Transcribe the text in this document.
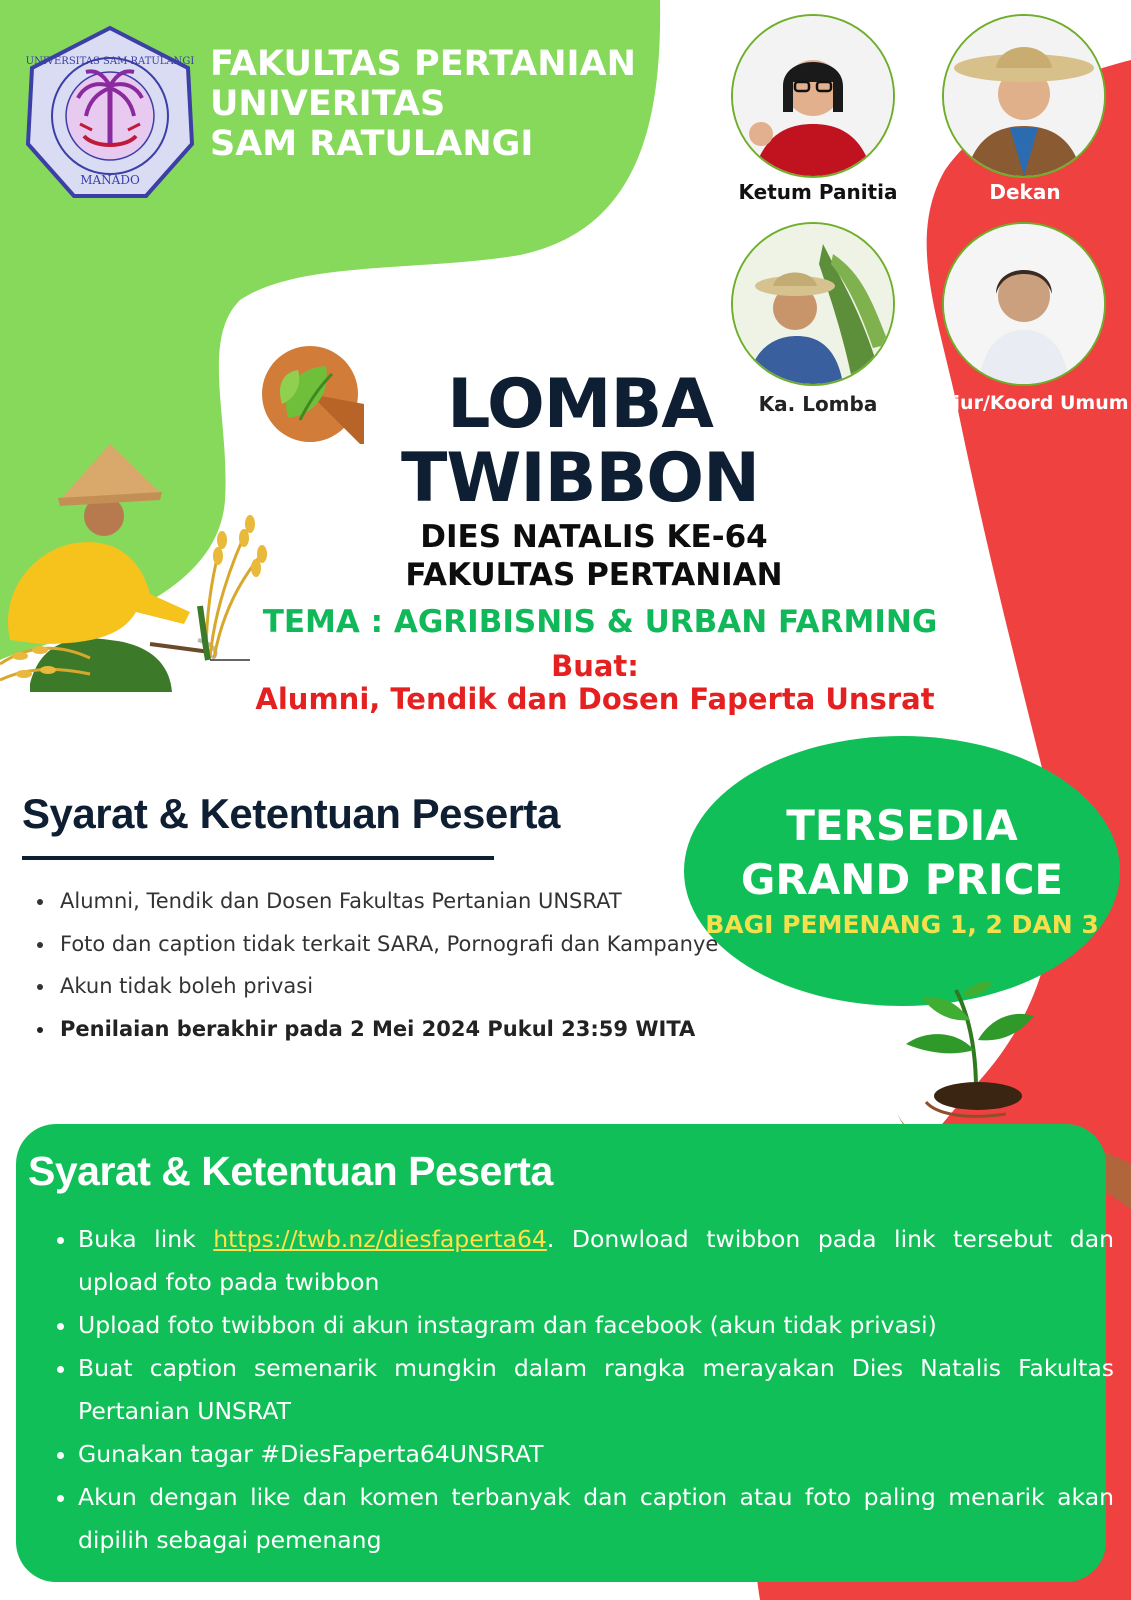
UNIVERSITAS SAM RATULANGI
MANADO
FAKULTAS PERTANIAN
UNIVERITAS
SAM RATULANGI
Ketum Panitia	Dekan
Ka. Lomba	Kajur/Koord Umum
LOMBA
TWIBBON
DIES NATALIS KE-64
FAKULTAS PERTANIAN
TEMA : AGRIBISNIS & URBAN FARMING
Buat:
Alumni, Tendik dan Dosen Faperta Unsrat
TERSEDIA
GRAND PRICE
BAGI PEMENANG 1, 2 DAN 3
Syarat & Ketentuan Peserta
• Alumni, Tendik dan Dosen Fakultas Pertanian UNSRAT
• Foto dan caption tidak terkait SARA, Pornografi dan Kampanye
• Akun tidak boleh privasi
• Penilaian berakhir pada 2 Mei 2024 Pukul 23:59 WITA
Syarat & Ketentuan Peserta
• Buka link https://twb.nz/diesfaperta64. Donwload twibbon pada link tersebut dan upload foto pada twibbon
• Upload foto twibbon di akun instagram dan facebook (akun tidak privasi)
• Buat caption semenarik mungkin dalam rangka merayakan Dies Natalis Fakultas Pertanian UNSRAT
• Gunakan tagar #DiesFaperta64UNSRAT
• Akun dengan like dan komen terbanyak dan caption atau foto paling menarik akan dipilih sebagai pemenang
